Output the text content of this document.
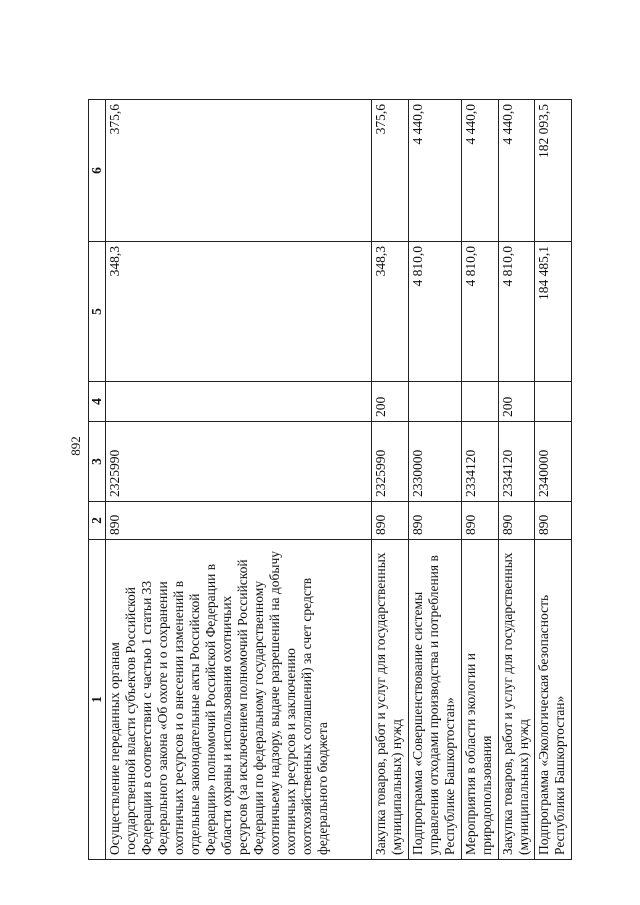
892
1	2	3	4	5	6
Осуществление переданных органам государственной власти субъектов Российской Федерации в соответствии с частью 1 статьи 33 Федерального закона «Об охоте и о сохранении охотничьих ресурсов и о внесении изменений в отдельные законодательные акты Российской Федерации» полномочий Российской Федерации в области охраны и использования охотничьих ресурсов (за исключением полномочий Российской Федерации по федеральному государственному охотничьему надзору, выдаче разрешений на добычу охотничьих ресурсов и заключению охотхозяйственных соглашений) за счет средств федерального бюджета	890	2325990		348,3	375,6
Закупка товаров, работ и услуг для государственных (муниципальных) нужд	890	2325990	200	348,3	375,6
Подпрограмма «Совершенствование системы управления отходами производства и потребления в Республике Башкортостан»	890	2330000		4 810,0	4 440,0
Мероприятия в области экологии и природопользования	890	2334120		4 810,0	4 440,0
Закупка товаров, работ и услуг для государственных (муниципальных) нужд	890	2334120	200	4 810,0	4 440,0
Подпрограмма «Экологическая безопасность Республики Башкортостан»	890	2340000		184 485,1	182 093,5
